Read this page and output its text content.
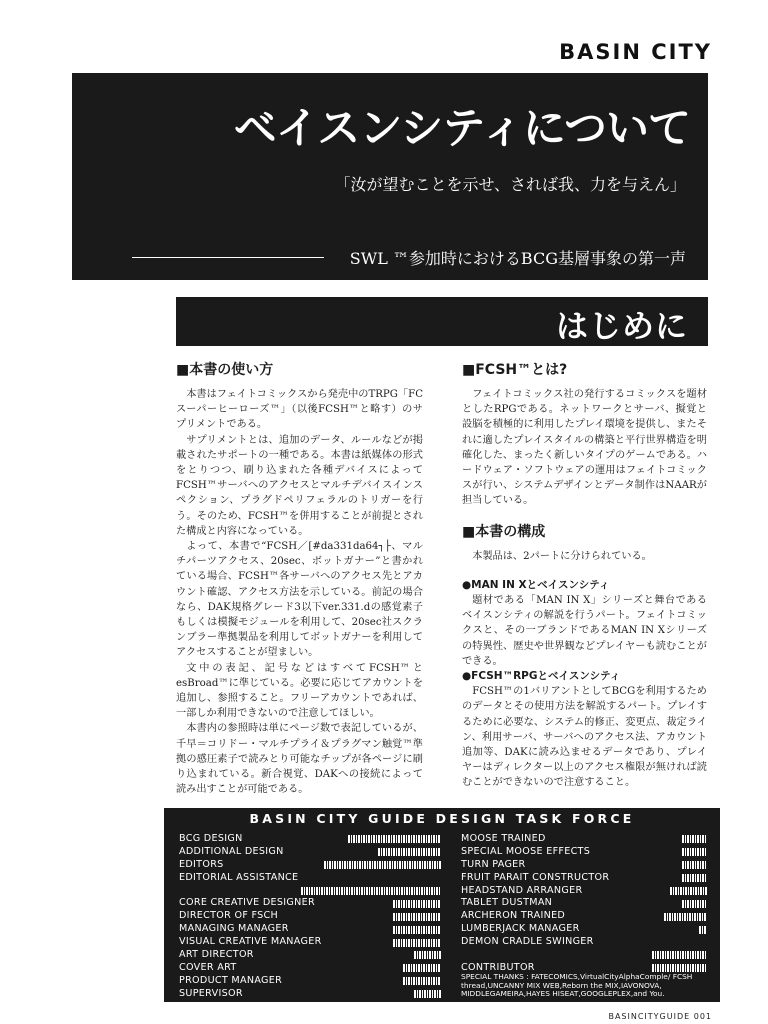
BASIN CITY
ベイスンシティについて
「汝が望むことを示せ、されば我、力を与えん」
SWL ™参加時におけるBCG基層事象の第一声
はじめに
■本書の使い方

本書はフェイトコミックスから発売中のTRPG「FCスーパーヒーローズ™」（以後FCSH™と略す）のサプリメントである。

サプリメントとは、追加のデータ、ルールなどが掲載されたサポートの一種である。本書は紙媒体の形式をとりつつ、刷り込まれた各種デバイスによってFCSH™サーバへのアクセスとマルチデバイスインスペクション、プラグドペリフェラルのトリガーを行う。そのため、FCSH™を併用することが前提とされた構成と内容になっている。

よって、本書で“FCSH／[#da331da64┐├、マルチパーツアクセス、20sec、ボットガナー”と書かれている場合、FCSH™各サーバへのアクセス先とアカウント確認、アクセス方法を示している。前記の場合なら、DAK規格グレード3以下ver.331.dの感覚素子もしくは模擬モジュールを利用して、20sec社スクランブラー準拠製品を利用してボットガナーを利用してアクセスすることが望ましい。

文中の表記、記号などはすべてFCSH™とesBroad™に準じている。必要に応じてアカウントを追加し、参照すること。フリーアカウントであれば、一部しか利用できないので注意してほしい。

本書内の参照時は単にページ数で表記しているが、千早＝コリドー・マルチプライ＆プラグマン触覚™準拠の感圧素子で読みとり可能なチップが各ページに刷り込まれている。新合視覚、DAKへの接続によって読み出すことが可能である。

■FCSH™とは?

フェイトコミックス社の発行するコミックスを題材としたRPGである。ネットワークとサーバ、擬覚と設脳を積極的に利用したプレイ環境を提供し、またそれに適したプレイスタイルの構築と平行世界構造を明確化した、まったく新しいタイプのゲームである。ハードウェア・ソフトウェアの運用はフェイトコミックスが行い、システムデザインとデータ制作はNAARが担当している。

■本書の構成

本製品は、2パートに分けられている。

●MAN IN Xとベイスンシティ

題材である「MAN IN X」シリーズと舞台であるベイスンシティの解説を行うパート。フェイトコミックスと、その一ブランドであるMAN IN Xシリーズの特異性、歴史や世界観などプレイヤーも読むことができる。

●FCSH™RPGとベイスンシティ

FCSH™の1バリアントとしてBCGを利用するためのデータとその使用方法を解説するパート。プレイするために必要な、システム的修正、変更点、裁定ライン、利用サーバ、サーバへのアクセス法、アカウント追加等、DAKに読み込ませるデータであり、プレイヤーはディレクター以上のアクセス権限が無ければ読むことができないので注意すること。

BASIN CITY GUIDE DESIGN TASK FORCE
BCG DESIGN
ADDITIONAL DESIGN
EDITORS
EDITORIAL ASSISTANCE
CORE CREATIVE DESIGNER
DIRECTOR OF FSCH
MANAGING MANAGER
VISUAL CREATIVE MANAGER
ART DIRECTOR
COVER ART
PRODUCT MANAGER
SUPERVISOR
MOOSE TRAINED
SPECIAL MOOSE EFFECTS
TURN PAGER
FRUIT PARAIT CONSTRUCTOR
HEADSTAND ARRANGER
TABLET DUSTMAN
ARCHERON TRAINED
LUMBERJACK MANAGER
DEMON CRADLE SWINGER
CONTRIBUTOR
SPECIAL THANKS : FATECOMICS,VirtualCityAlphaComple/ FCSH thread,UNCANNY MIX WEB,Reborn the MIX,IAVONOVA, MIDDLEGAMEIRA,HAYES HISEAT,GOOGLEPLEX,and You.
BASINCITYGUIDE 001
